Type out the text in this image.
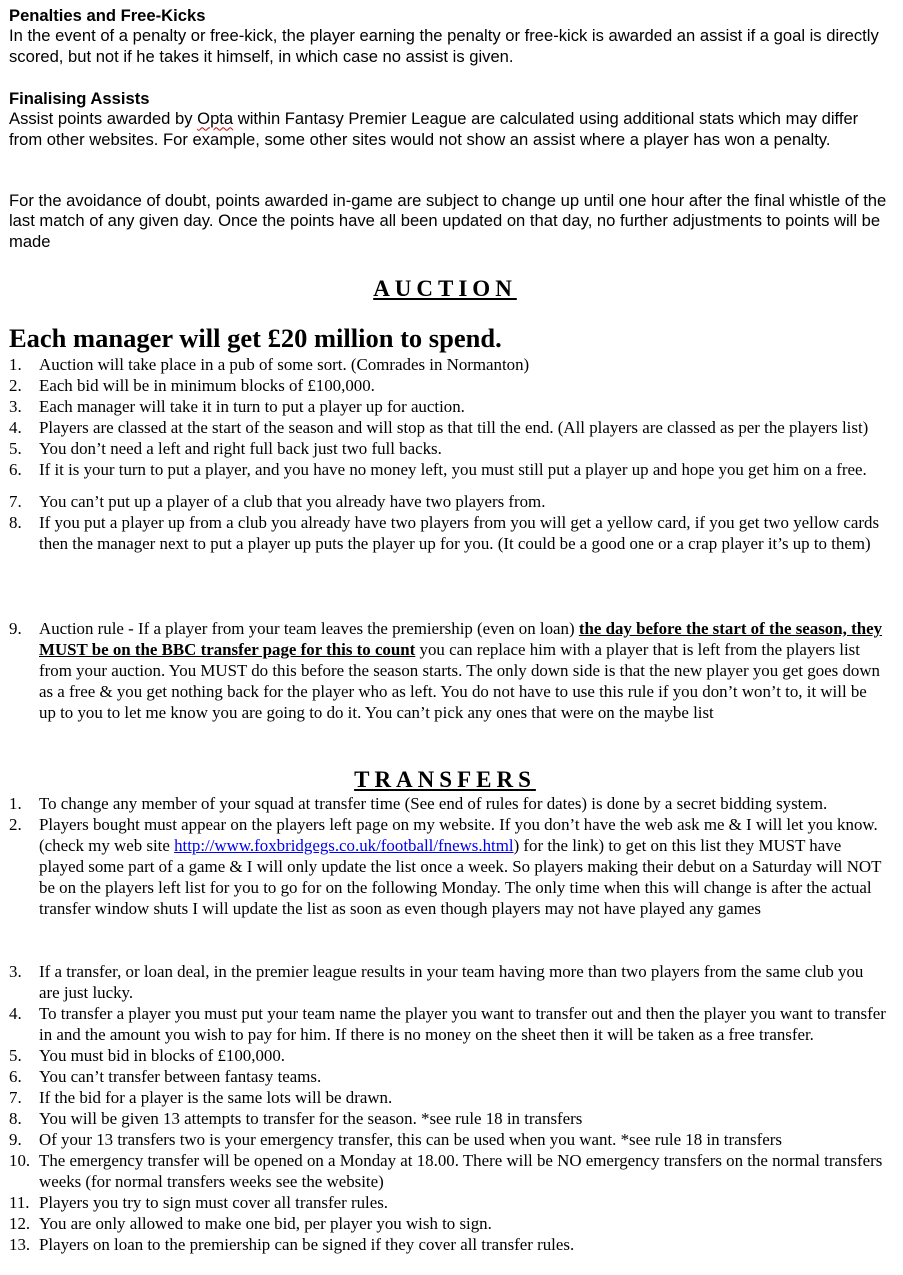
Penalties and Free-Kicks

In the event of a penalty or free-kick, the player earning the penalty or free-kick is awarded an assist if a goal is directly scored, but not if he takes it himself, in which case no assist is given.

Finalising Assists

Assist points awarded by Opta within Fantasy Premier League are calculated using additional stats which may differ from other websites. For example, some other sites would not show an assist where a player has won a penalty.

For the avoidance of doubt, points awarded in-game are subject to change up until one hour after the final whistle of the last match of any given day. Once the points have all been updated on that day, no further adjustments to points will be made

AUCTION
Each manager will get £20 million to spend.
1. Auction will take place in a pub of some sort. (Comrades in Normanton)
2. Each bid will be in minimum blocks of £100,000.
3. Each manager will take it in turn to put a player up for auction.
4. Players are classed at the start of the season and will stop as that till the end. (All players are classed as per the players list)
5. You don’t need a left and right full back just two full backs.
6. If it is your turn to put a player, and you have no money left, you must still put a player up and hope you get him on a free.
7. You can’t put up a player of a club that you already have two players from.
8. If you put a player up from a club you already have two players from you will get a yellow card, if you get two yellow cards then the manager next to put a player up puts the player up for you. (It could be a good one or a crap player it’s up to them)
9. Auction rule - If a player from your team leaves the premiership (even on loan) the day before the start of the season, they MUST be on the BBC transfer page for this to count you can replace him with a player that is left from the players list from your auction. You MUST do this before the season starts. The only down side is that the new player you get goes down as a free & you get nothing back for the player who as left. You do not have to use this rule if you don’t won’t to, it will be up to you to let me know you are going to do it. You can’t pick any ones that were on the maybe list
TRANSFERS
1. To change any member of your squad at transfer time (See end of rules for dates) is done by a secret bidding system.
2. Players bought must appear on the players left page on my website. If you don’t have the web ask me & I will let you know. (check my web site http://www.foxbridgegs.co.uk/football/fnews.html) for the link) to get on this list they MUST have played some part of a game & I will only update the list once a week. So players making their debut on a Saturday will NOT be on the players left list for you to go for on the following Monday. The only time when this will change is after the actual transfer window shuts I will update the list as soon as even though players may not have played any games
3. If a transfer, or loan deal, in the premier league results in your team having more than two players from the same club you are just lucky.
4. To transfer a player you must put your team name the player you want to transfer out and then the player you want to transfer in and the amount you wish to pay for him. If there is no money on the sheet then it will be taken as a free transfer.
5. You must bid in blocks of £100,000.
6. You can’t transfer between fantasy teams.
7. If the bid for a player is the same lots will be drawn.
8. You will be given 13 attempts to transfer for the season. *see rule 18 in transfers
9. Of your 13 transfers two is your emergency transfer, this can be used when you want. *see rule 18 in transfers
10. The emergency transfer will be opened on a Monday at 18.00. There will be NO emergency transfers on the normal transfers weeks (for normal transfers weeks see the website)
11. Players you try to sign must cover all transfer rules.
12. You are only allowed to make one bid, per player you wish to sign.
13. Players on loan to the premiership can be signed if they cover all transfer rules.
